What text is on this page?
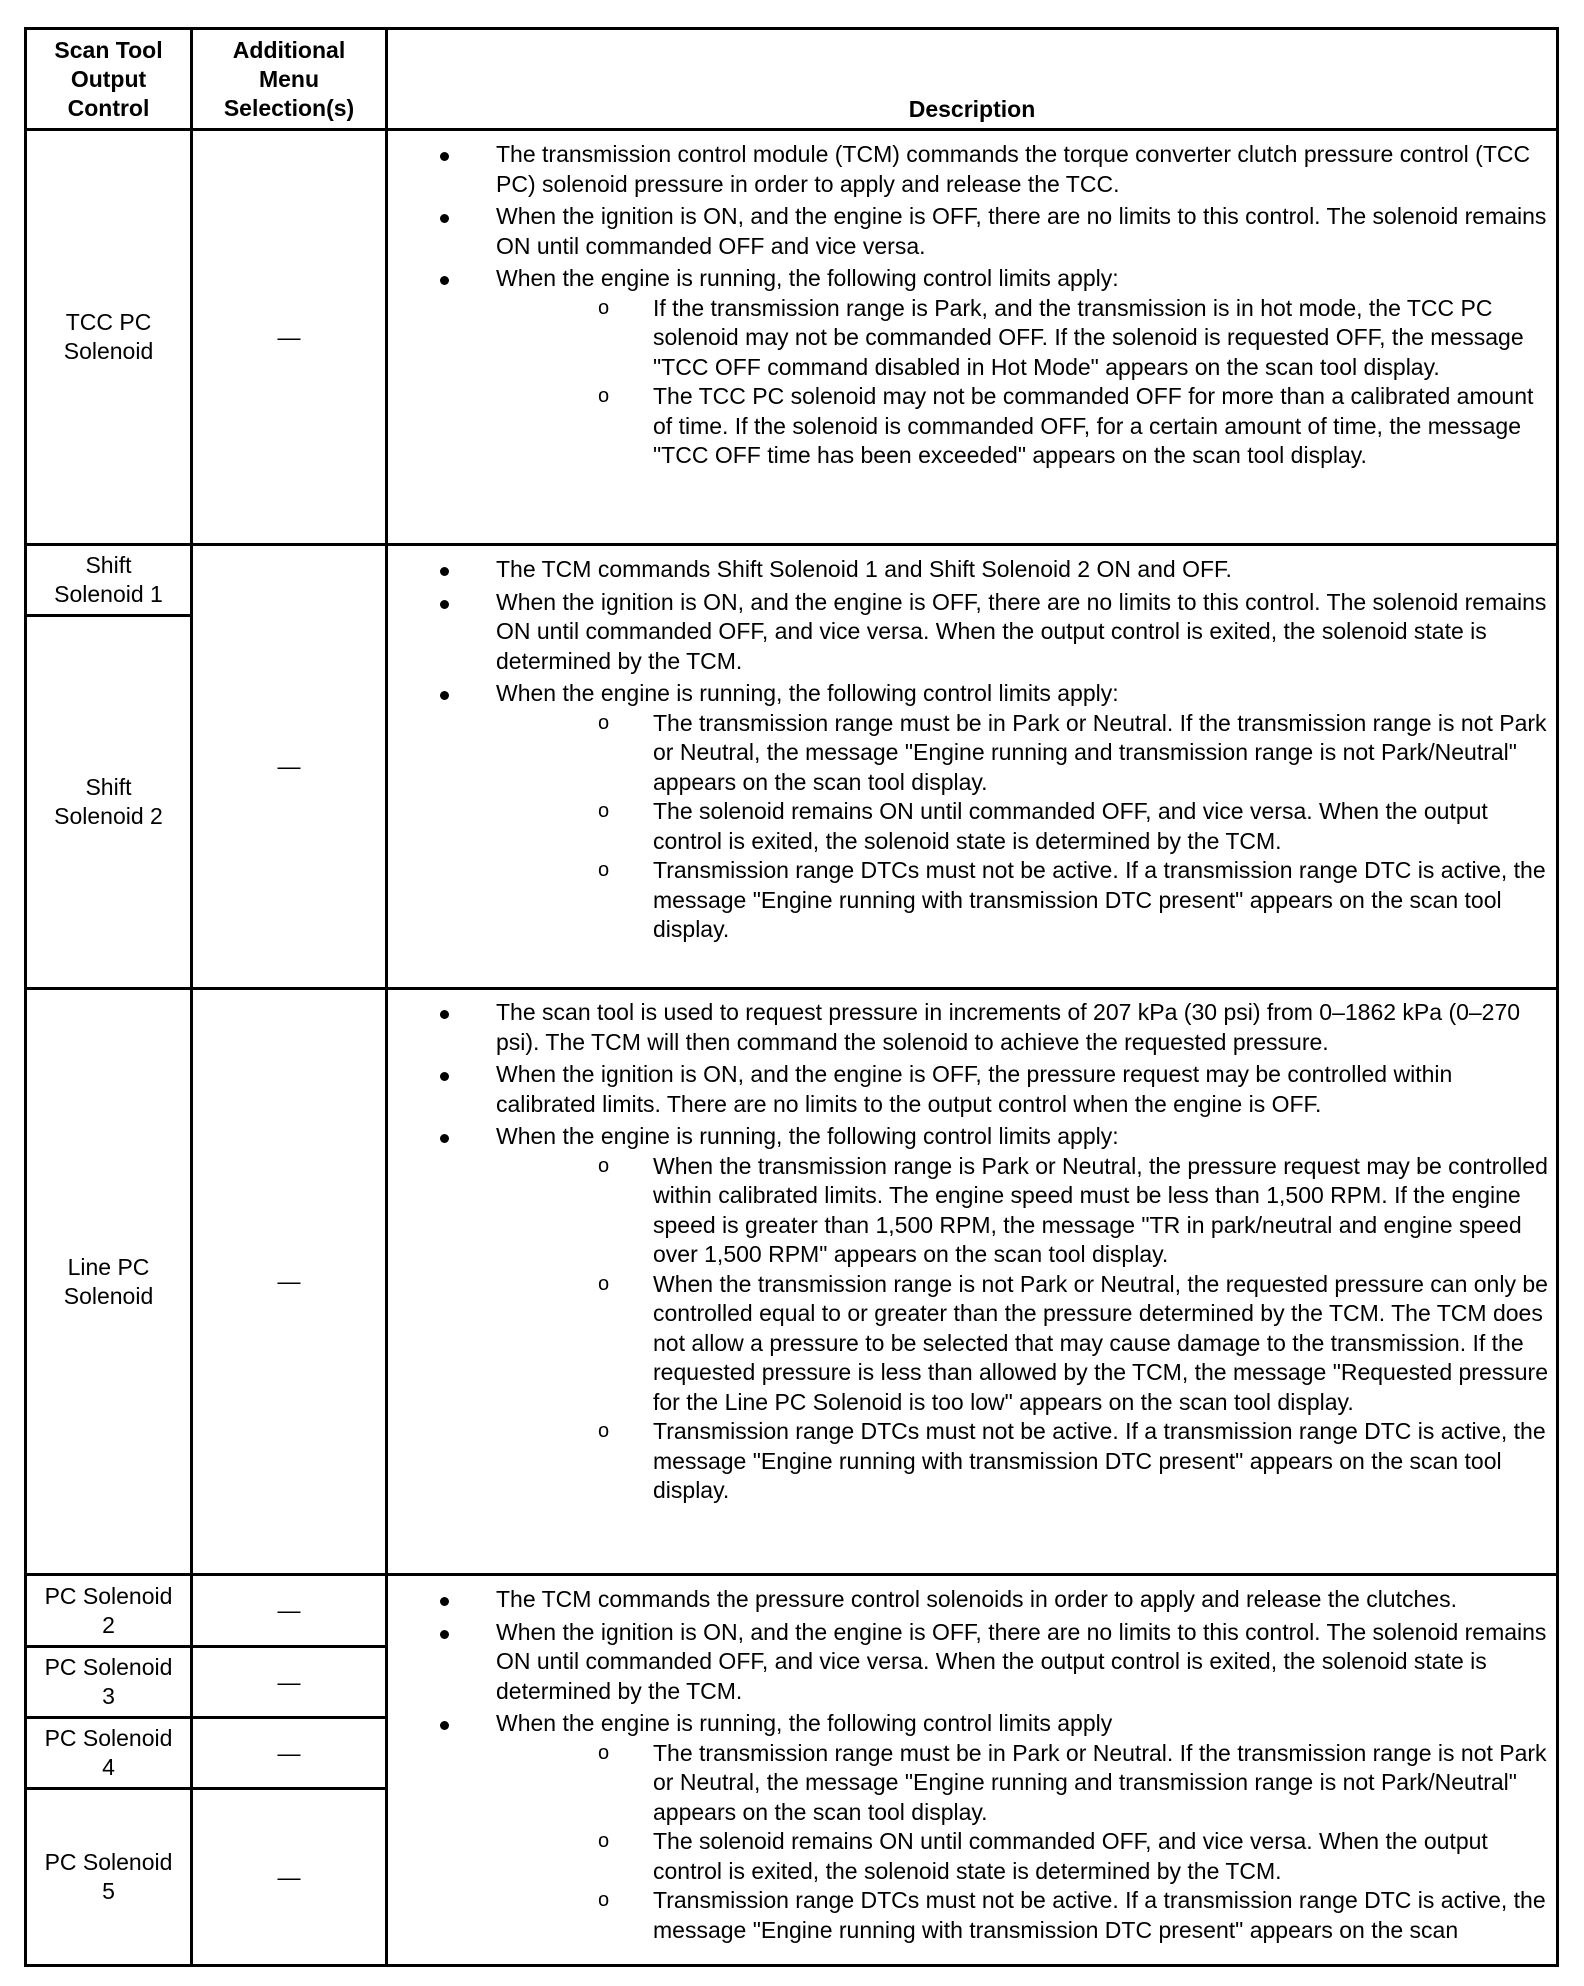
Scan Tool
Output
Control
Additional
Menu
Selection(s)	Description
TCC PC
Solenoid
—
The transmission control module (TCM) commands the torque converter clutch pressure control (TCC PC) solenoid pressure in order to apply and release the TCC.
When the ignition is ON, and the engine is OFF, there are no limits to this control. The solenoid remains ON until commanded OFF and vice versa.
When the engine is running, the following control limits apply:
o If the transmission range is Park, and the transmission is in hot mode, the TCC PC solenoid may not be commanded OFF. If the solenoid is requested OFF, the message "TCC OFF command disabled in Hot Mode" appears on the scan tool display.
o The TCC PC solenoid may not be commanded OFF for more than a calibrated amount of time. If the solenoid is commanded OFF, for a certain amount of time, the message "TCC OFF time has been exceeded" appears on the scan tool display.
Shift
Solenoid 1
Shift
Solenoid 2
—
The TCM commands Shift Solenoid 1 and Shift Solenoid 2 ON and OFF.
When the ignition is ON, and the engine is OFF, there are no limits to this control. The solenoid remains ON until commanded OFF, and vice versa. When the output control is exited, the solenoid state is determined by the TCM.
When the engine is running, the following control limits apply:
o The transmission range must be in Park or Neutral. If the transmission range is not Park or Neutral, the message "Engine running and transmission range is not Park/Neutral" appears on the scan tool display.
o The solenoid remains ON until commanded OFF, and vice versa. When the output control is exited, the solenoid state is determined by the TCM.
o Transmission range DTCs must not be active. If a transmission range DTC is active, the message "Engine running with transmission DTC present" appears on the scan tool display.
Line PC
Solenoid
—
The scan tool is used to request pressure in increments of 207 kPa (30 psi) from 0–1862 kPa (0–270 psi). The TCM will then command the solenoid to achieve the requested pressure.
When the ignition is ON, and the engine is OFF, the pressure request may be controlled within calibrated limits. There are no limits to the output control when the engine is OFF.
When the engine is running, the following control limits apply:
o When the transmission range is Park or Neutral, the pressure request may be controlled within calibrated limits. The engine speed must be less than 1,500 RPM. If the engine speed is greater than 1,500 RPM, the message "TR in park/neutral and engine speed over 1,500 RPM" appears on the scan tool display.
o When the transmission range is not Park or Neutral, the requested pressure can only be controlled equal to or greater than the pressure determined by the TCM. The TCM does not allow a pressure to be selected that may cause damage to the transmission. If the requested pressure is less than allowed by the TCM, the message "Requested pressure for the Line PC Solenoid is too low" appears on the scan tool display.
o Transmission range DTCs must not be active. If a transmission range DTC is active, the message "Engine running with transmission DTC present" appears on the scan tool display.
PC Solenoid
2
—
PC Solenoid
3
—
PC Solenoid
4
—
PC Solenoid
5
—
The TCM commands the pressure control solenoids in order to apply and release the clutches.
When the ignition is ON, and the engine is OFF, there are no limits to this control. The solenoid remains ON until commanded OFF, and vice versa. When the output control is exited, the solenoid state is determined by the TCM.
When the engine is running, the following control limits apply
o The transmission range must be in Park or Neutral. If the transmission range is not Park or Neutral, the message "Engine running and transmission range is not Park/Neutral" appears on the scan tool display.
o The solenoid remains ON until commanded OFF, and vice versa. When the output control is exited, the solenoid state is determined by the TCM.
o Transmission range DTCs must not be active. If a transmission range DTC is active, the message "Engine running with transmission DTC present" appears on the scan
